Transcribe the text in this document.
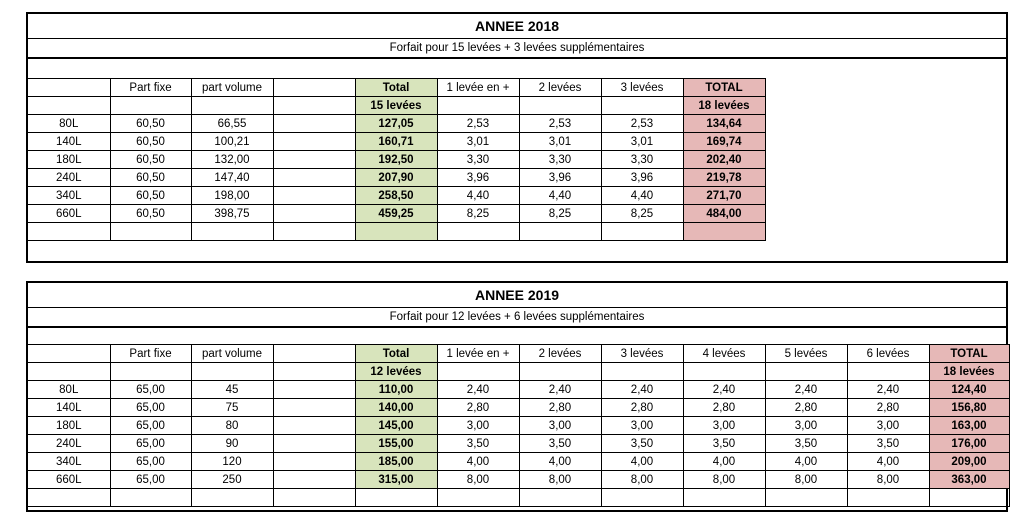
ANNEE 2018
Forfait pour 15 levées + 3 levées supplémentaires
	Part fixe	part volume		Total	1 levée en +	2 levées	3 levées	TOTAL
				15 levées				18 levées
80L	60,50	66,55		127,05	2,53	2,53	2,53	134,64
140L	60,50	100,21		160,71	3,01	3,01	3,01	169,74
180L	60,50	132,00		192,50	3,30	3,30	3,30	202,40
240L	60,50	147,40		207,90	3,96	3,96	3,96	219,78
340L	60,50	198,00		258,50	4,40	4,40	4,40	271,70
660L	60,50	398,75		459,25	8,25	8,25	8,25	484,00

ANNEE 2019
Forfait pour 12 levées + 6 levées supplémentaires
	Part fixe	part volume		Total	1 levée en +	2 levées	3 levées	4 levées	5 levées	6 levées	TOTAL
				12 levées							18 levées
80L	65,00	45		110,00	2,40	2,40	2,40	2,40	2,40	2,40	124,40
140L	65,00	75		140,00	2,80	2,80	2,80	2,80	2,80	2,80	156,80
180L	65,00	80		145,00	3,00	3,00	3,00	3,00	3,00	3,00	163,00
240L	65,00	90		155,00	3,50	3,50	3,50	3,50	3,50	3,50	176,00
340L	65,00	120		185,00	4,00	4,00	4,00	4,00	4,00	4,00	209,00
660L	65,00	250		315,00	8,00	8,00	8,00	8,00	8,00	8,00	363,00
